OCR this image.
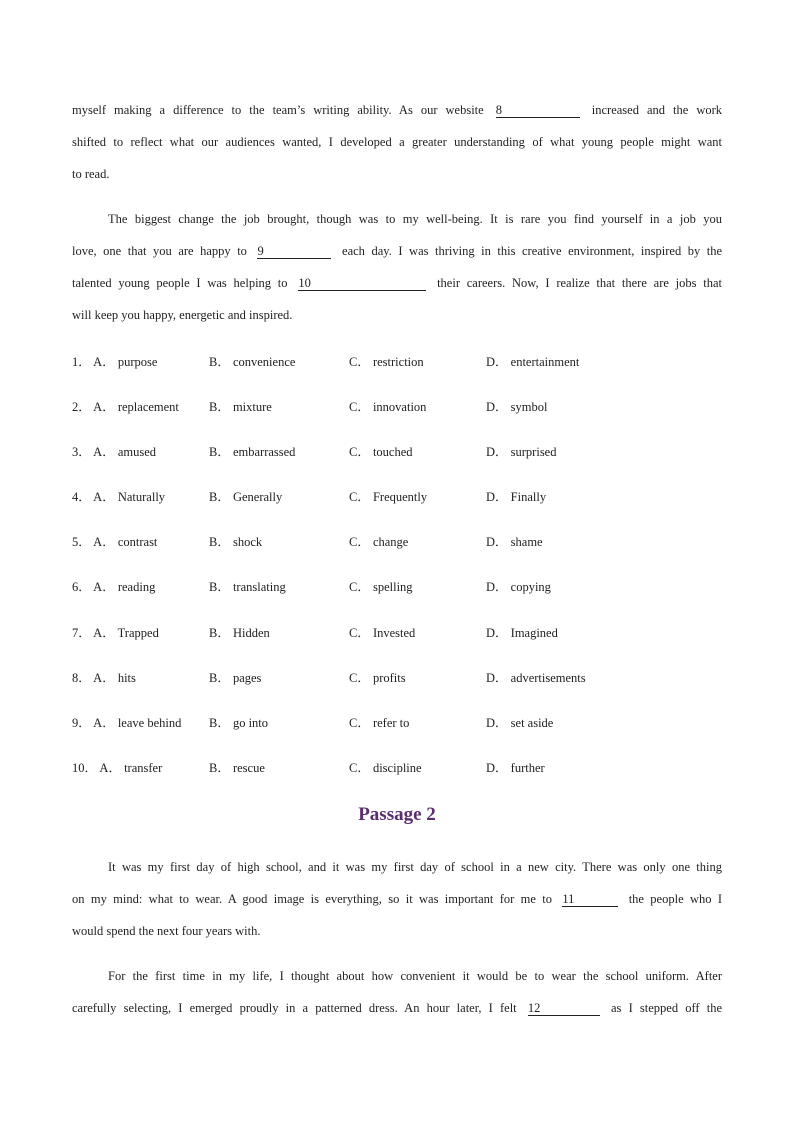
myself making a difference to the team’s writing ability. As our website 8	increased and the work
shifted to reflect what our audiences wanted, I developed a greater understanding of what young people might want
to read.
The biggest change the job brought, though was to my well-being. It is rare you find yourself in a job you
love, one that you are happy to 9	each day. I was thriving in this creative environment, inspired by the
talented young people I was helping to 10	their careers. Now, I realize that there are jobs that
will keep you happy, energetic and inspired.
1． A． purpose	B． convenience	C． restriction	D． entertainment
2． A． replacement B． mixture	C． innovation	D． symbol
3． A． amused	B． embarrassed	C． touched	D． surprised
4． A． Naturally	B． Generally	C． Frequently	D． Finally
5． A． contrast	B． shock	C． change	D． shame
6． A． reading	B． translating	C． spelling	D． copying
7． A． Trapped	B． Hidden	C． Invested	D． Imagined
8． A． hits	B． pages	C． profits	D． advertisements
9． A． leave behind B． go into	C． refer to	D． set aside
10． A． transfer	B． rescue	C． discipline	D． further
Passage 2
It was my first day of high school, and it was my first day of school in a new city. There was only one thing
on my mind: what to wear. A good image is everything, so it was important for me to 11	the people who I
would spend the next four years with.
For the first time in my life, I thought about how convenient it would be to wear the school uniform. After
carefully selecting, I emerged proudly in a patterned dress. An hour later, I felt 12	as I stepped off the
